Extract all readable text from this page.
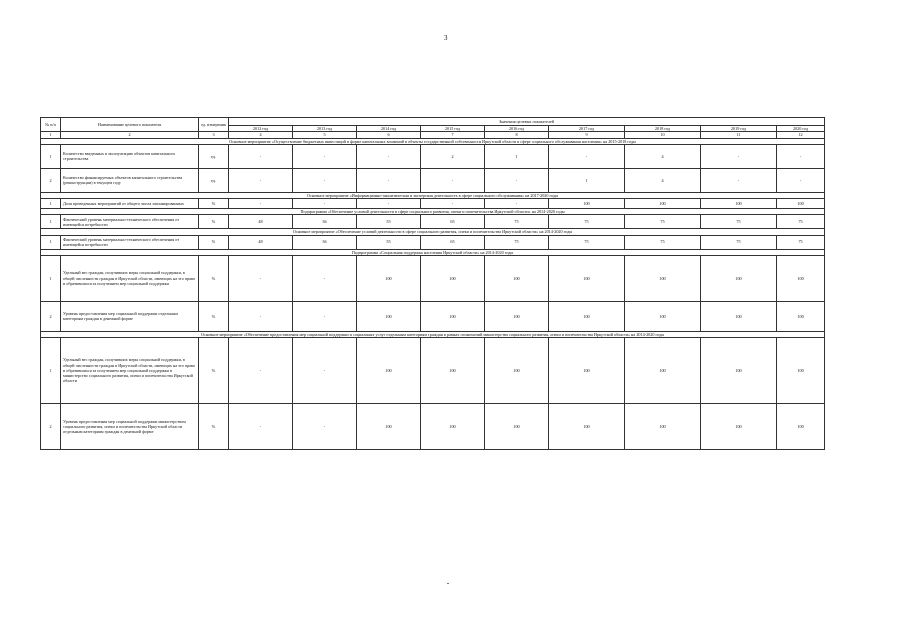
3
№ п/п	Наименование целевого показателя	ед. измерения	Значения целевых показателей								
			2012 год	2013 год	2014 год	2015 год	2016 год	2017 год	2018 год	2019 год	2020 год
1	2	3	4	5	6	7	8	9	10	11	12
Основное мероприятие «Осуществление бюджетных инвестиций в форме капитальных вложений в объекты государственной собственности Иркутской области в сфере социального обслуживания населения» на 2015-2018 годы											
1	Количество введенных в эксплуатацию объектов капитального строительства	ед.	-	-	-	2	1	-	4	-	-
2	Количество финансируемых объектов капитального строительства (реконструкции) в текущем году	ед.	-	-	-	-	-	1	4	-	-
Основное мероприятие «Информационно-аналитическая и экспертная деятельность в сфере социального обслуживания» на 2017-2020 годы											
1	Доля проведенных мероприятий от общего числа запланированных	%	-	-	-	-	-	100	100	100	100
Подпрограмма «Обеспечение условий деятельности в сфере социального развития, опеки и попечительства Иркутской области» на 2014-2020 годы											
1	Фактический уровень материально-технического обеспечения от имеющейся потребности	%	48	36	55	65	75	75	75	75	75
Основное мероприятие «Обеспечение условий деятельности в сфере социального развития, опеки и попечительства Иркутской области» на 2014-2020 годы											
1	Фактический уровень материально-технического обеспечения от имеющейся потребности	%	48	36	55	65	75	75	75	75	75
Подпрограмма «Социальная поддержка населения Иркутской области» на 2014-2020 годы											
1	Удельный вес граждан, получивших меры социальной поддержки, в общей численности граждан в Иркутской области, имеющих на это право и обратившихся за получением мер социальной поддержки	%	-	-	100	100	100	100	100	100	100
2	Уровень предоставления мер социальной поддержки отдельным категориям граждан в денежной форме	%	-	-	100	100	100	100	100	100	100
Основное мероприятие «Обеспечение предоставления мер социальной поддержки и социальных услуг отдельным категориям граждан в рамках полномочий министерства социального развития, опеки и попечительства Иркутской области» на 2014-2020 годы											
1	Удельный вес граждан, получивших меры социальной поддержки, в общей численности граждан в Иркутской области, имеющих на это право и обратившихся за получением мер социальной поддержки в министерство социального развития, опеки и попечительства Иркутской области	%	-	-	100	100	100	100	100	100	100
2	Уровень предоставления мер социальной поддержки министерством социального развития, опеки и попечительства Иркутской области отдельным категориям граждан в денежной форме	%	-	-	100	100	100	100	100	100	100
